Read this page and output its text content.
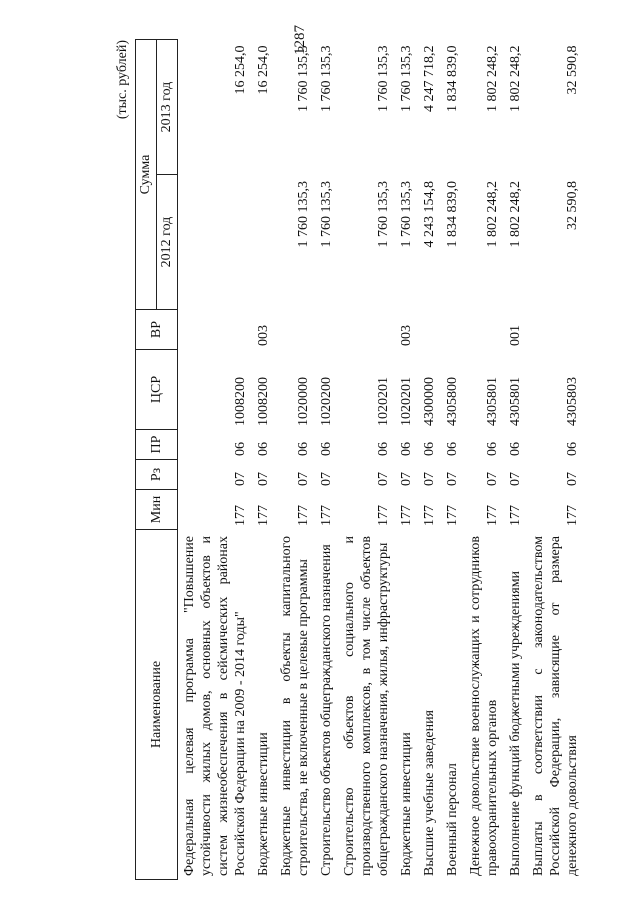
1287
(тыс. рублей)
Наименование	Мин	Рз	ПР	ЦСР	ВР	Сумма	
						2012 год	2013 год
Федеральная целевая программа "Повышение устойчивости жилых домов, основных объектов и систем жизнеобеспечения в сейсмических районах Российской Федерации на 2009 - 2014 годы"	177	07	06	1008200			16 254,0
Бюджетные инвестиции	177	07	06	1008200	003		16 254,0
Бюджетные инвестиции в объекты капитального строительства, не включенные в целевые программы	177	07	06	1020000		1 760 135,3	1 760 135,3
Строительство объектов общегражданского назначения	177	07	06	1020200		1 760 135,3	1 760 135,3
Строительство объектов социального и производственного комплексов, в том числе объектов общегражданского назначения, жилья, инфраструктуры	177	07	06	1020201		1 760 135,3	1 760 135,3
Бюджетные инвестиции	177	07	06	1020201	003	1 760 135,3	1 760 135,3
Высшие учебные заведения	177	07	06	4300000		4 243 154,8	4 247 718,2
Военный персонал	177	07	06	4305800		1 834 839,0	1 834 839,0
Денежное довольствие военнослужащих и сотрудников правоохранительных органов	177	07	06	4305801		1 802 248,2	1 802 248,2
Выполнение функций бюджетными учреждениями	177	07	06	4305801	001	1 802 248,2	1 802 248,2
Выплаты в соответствии с законодательством Российской Федерации, зависящие от размера денежного довольствия	177	07	06	4305803		32 590,8	32 590,8
